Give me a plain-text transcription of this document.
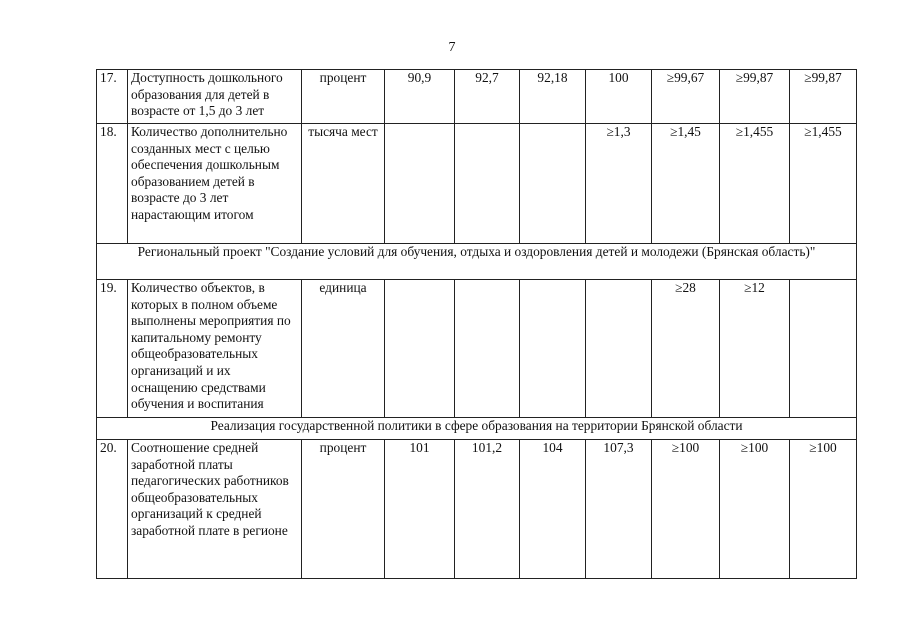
7
17.	Доступность дошкольного образования для детей в возрасте от 1,5 до 3 лет	процент	90,9	92,7	92,18	100	≥99,67	≥99,87	≥99,87
18.	Количество дополнительно созданных мест с целью обеспечения дошкольным образованием детей в возрасте до 3 лет нарастающим итогом	тысяча мест				≥1,3	≥1,45	≥1,455	≥1,455
Региональный проект "Создание условий для обучения, отдыха и оздоровления детей и молодежи (Брянская область)"									
19.	Количество объектов, в которых в полном объеме выполнены мероприятия по капитальному ремонту общеобразовательных организаций и их оснащению средствами обучения и воспитания	единица					≥28	≥12	
Реализация государственной политики в сфере образования на территории Брянской области									
20.	Соотношение средней заработной платы педагогических работников общеобразовательных организаций к средней заработной плате в регионе	процент	101	101,2	104	107,3	≥100	≥100	≥100
